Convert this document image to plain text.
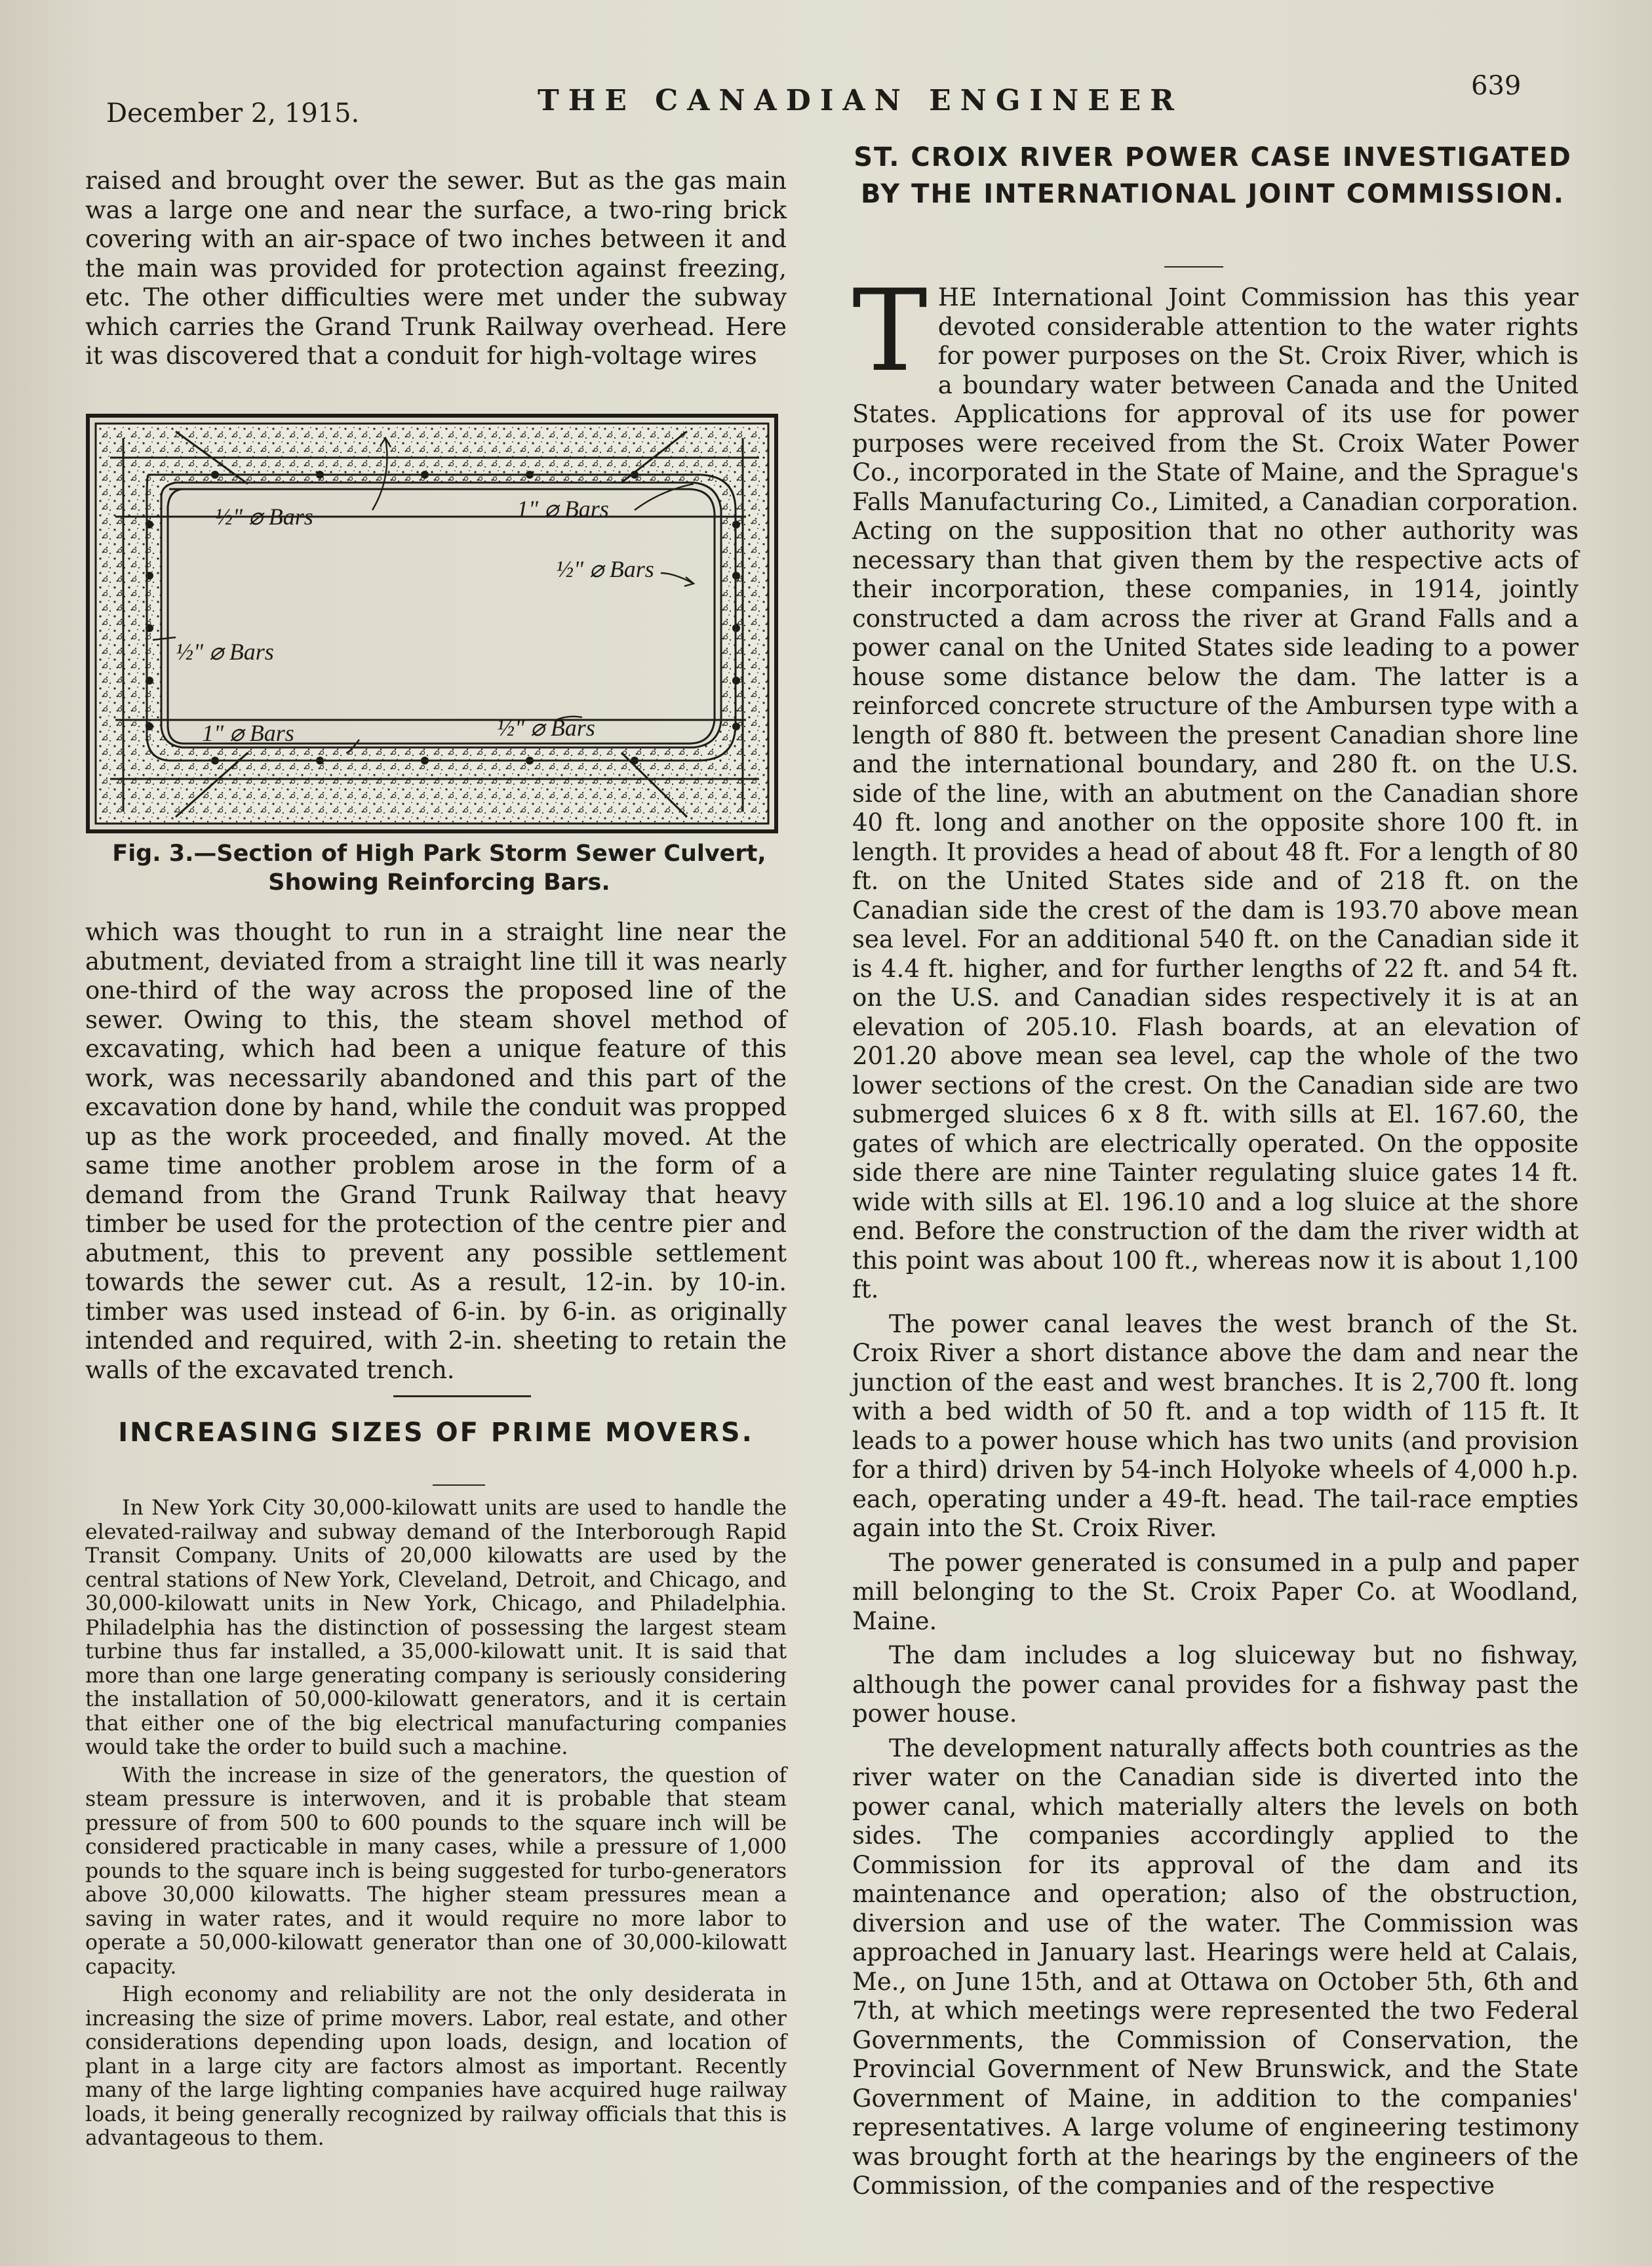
December 2, 1915.	THE CANADIAN ENGINEER	639

raised and brought over the sewer. But as the gas main was a large one and near the surface, a two-ring brick covering with an air-space of two inches between it and the main was provided for protection against freezing, etc. The other difficulties were met under the subway which carries the Grand Trunk Railway overhead. Here it was discovered that a conduit for high-voltage wires

½" ⌀ Bars	1" ⌀ Bars
½" ⌀ Bars
½" ⌀ Bars
1" ⌀ Bars	½" ⌀ Bars
Fig. 3.—Section of High Park Storm Sewer Culvert,
Showing Reinforcing Bars.

which was thought to run in a straight line near the abutment, deviated from a straight line till it was nearly one-third of the way across the proposed line of the sewer. Owing to this, the steam shovel method of excavating, which had been a unique feature of this work, was necessarily abandoned and this part of the excavation done by hand, while the conduit was propped up as the work proceeded, and finally moved. At the same time another problem arose in the form of a demand from the Grand Trunk Railway that heavy timber be used for the protection of the centre pier and abutment, this to prevent any possible settlement towards the sewer cut. As a result, 12-in. by 10-in. timber was used instead of 6-in. by 6-in. as originally intended and required, with 2-in. sheeting to retain the walls of the excavated trench.

INCREASING SIZES OF PRIME MOVERS.

In New York City 30,000-kilowatt units are used to handle the elevated-railway and subway demand of the Interborough Rapid Transit Company. Units of 20,000 kilowatts are used by the central stations of New York, Cleveland, Detroit, and Chicago, and 30,000-kilowatt units in New York, Chicago, and Philadelphia. Philadelphia has the distinction of possessing the largest steam turbine thus far installed, a 35,000-kilowatt unit. It is said that more than one large generating company is seriously considering the installation of 50,000-kilowatt generators, and it is certain that either one of the big electrical manufacturing companies would take the order to build such a machine.

With the increase in size of the generators, the question of steam pressure is interwoven, and it is probable that steam pressure of from 500 to 600 pounds to the square inch will be considered practicable in many cases, while a pressure of 1,000 pounds to the square inch is being suggested for turbo-generators above 30,000 kilowatts. The higher steam pressures mean a saving in water rates, and it would require no more labor to operate a 50,000-kilowatt generator than one of 30,000-kilowatt capacity.

High economy and reliability are not the only desiderata in increasing the size of prime movers. Labor, real estate, and other considerations depending upon loads, design, and location of plant in a large city are factors almost as important. Recently many of the large lighting companies have acquired huge railway loads, it being generally recognized by railway officials that this is advantageous to them.

ST. CROIX RIVER POWER CASE INVESTIGATED BY THE INTERNATIONAL JOINT COMMISSION.

THE International Joint Commission has this year devoted considerable attention to the water rights for power purposes on the St. Croix River, which is a boundary water between Canada and the United States. Applications for approval of its use for power purposes were received from the St. Croix Water Power Co., incorporated in the State of Maine, and the Sprague's Falls Manufacturing Co., Limited, a Canadian corporation. Acting on the supposition that no other authority was necessary than that given them by the respective acts of their incorporation, these companies, in 1914, jointly constructed a dam across the river at Grand Falls and a power canal on the United States side leading to a power house some distance below the dam. The latter is a reinforced concrete structure of the Ambursen type with a length of 880 ft. between the present Canadian shore line and the international boundary, and 280 ft. on the U.S. side of the line, with an abutment on the Canadian shore 40 ft. long and another on the opposite shore 100 ft. in length. It provides a head of about 48 ft. For a length of 80 ft. on the United States side and of 218 ft. on the Canadian side the crest of the dam is 193.70 above mean sea level. For an additional 540 ft. on the Canadian side it is 4.4 ft. higher, and for further lengths of 22 ft. and 54 ft. on the U.S. and Canadian sides respectively it is at an elevation of 205.10. Flash boards, at an elevation of 201.20 above mean sea level, cap the whole of the two lower sections of the crest. On the Canadian side are two submerged sluices 6 x 8 ft. with sills at El. 167.60, the gates of which are electrically operated. On the opposite side there are nine Tainter regulating sluice gates 14 ft. wide with sills at El. 196.10 and a log sluice at the shore end. Before the construction of the dam the river width at this point was about 100 ft., whereas now it is about 1,100 ft.

The power canal leaves the west branch of the St. Croix River a short distance above the dam and near the junction of the east and west branches. It is 2,700 ft. long with a bed width of 50 ft. and a top width of 115 ft. It leads to a power house which has two units (and provision for a third) driven by 54-inch Holyoke wheels of 4,000 h.p. each, operating under a 49-ft. head. The tail-race empties again into the St. Croix River.

The power generated is consumed in a pulp and paper mill belonging to the St. Croix Paper Co. at Woodland, Maine.

The dam includes a log sluiceway but no fishway, although the power canal provides for a fishway past the power house.

The development naturally affects both countries as the river water on the Canadian side is diverted into the power canal, which materially alters the levels on both sides. The companies accordingly applied to the Commission for its approval of the dam and its maintenance and operation; also of the obstruction, diversion and use of the water. The Commission was approached in January last. Hearings were held at Calais, Me., on June 15th, and at Ottawa on October 5th, 6th and 7th, at which meetings were represented the two Federal Governments, the Commission of Conservation, the Provincial Government of New Brunswick, and the State Government of Maine, in addition to the companies' representatives. A large volume of engineering testimony was brought forth at the hearings by the engineers of the Commission, of the companies and of the respective
